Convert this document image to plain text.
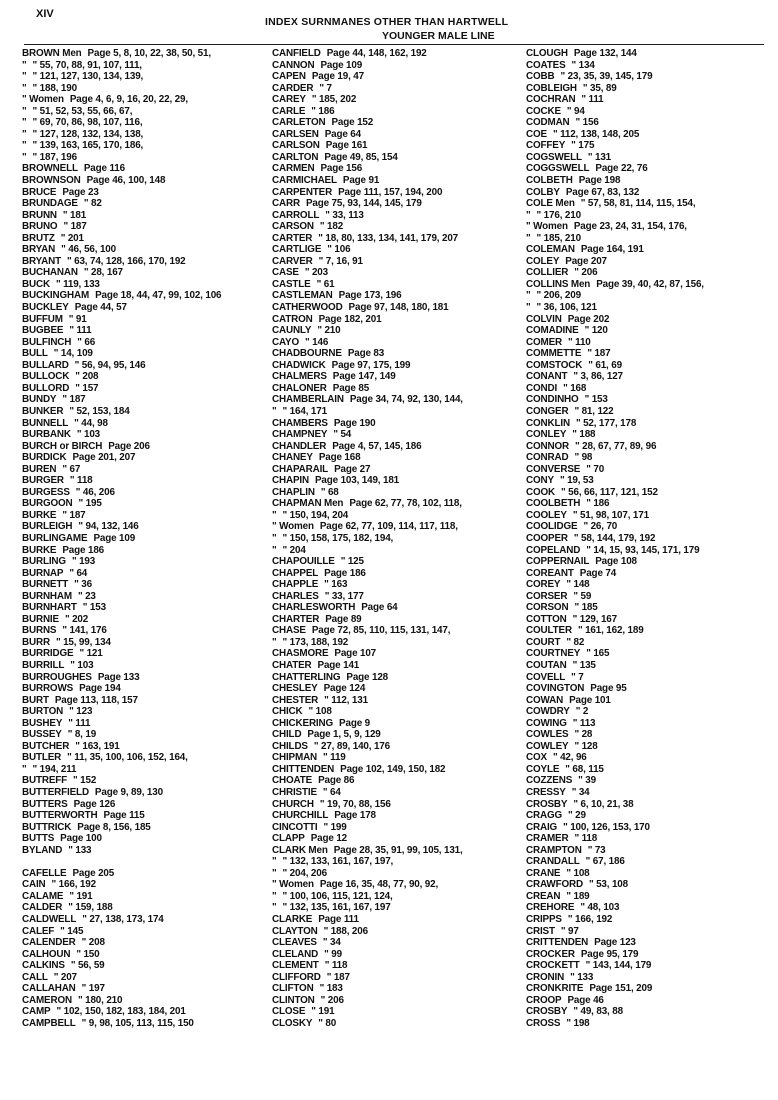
XIV
INDEX SURNMANES OTHER THAN HARTWELL
YOUNGER MALE LINE
BROWN Men Page 5, 8, 10, 22, 38, 50, 51,
" " 55, 70, 88, 91, 107, 111,
" " 121, 127, 130, 134, 139,
" " 188, 190
" Women Page 4, 6, 9, 16, 20, 22, 29,
" " 51, 52, 53, 55, 66, 67,
" " 69, 70, 86, 98, 107, 116,
" " 127, 128, 132, 134, 138,
" " 139, 163, 165, 170, 186,
" " 187, 196
BROWNELL Page 116
BROWNSON Page 46, 100, 148
BRUCE Page 23
BRUNDAGE " 82
BRUNN " 181
BRUNO " 187
BRUTZ " 201
BRYAN " 46, 56, 100
BRYANT " 63, 74, 128, 166, 170, 192
BUCHANAN " 28, 167
BUCK " 119, 133
BUCKINGHAM Page 18, 44, 47, 99, 102, 106
BUCKLEY Page 44, 57
BUFFUM " 91
BUGBEE " 111
BULFINCH " 66
BULL " 14, 109
BULLARD " 56, 94, 95, 146
BULLOCK " 208
BULLORD " 157
BUNDY " 187
BUNKER " 52, 153, 184
BUNNELL " 44, 98
BURBANK " 103
BURCH or BIRCH Page 206
BURDICK Page 201, 207
BUREN " 67
BURGER " 118
BURGESS " 46, 206
BURGOON " 195
BURKE " 187
BURLEIGH " 94, 132, 146
BURLINGAME Page 109
BURKE Page 186
BURLING " 193
BURNAP " 64
BURNETT " 36
BURNHAM " 23
BURNHART " 153
BURNIE " 202
BURNS " 141, 176
BURR " 15, 99, 134
BURRIDGE " 121
BURRILL " 103
BURROUGHES Page 133
BURROWS Page 194
BURT Page 113, 118, 157
BURTON " 123
BUSHEY " 111
BUSSEY " 8, 19
BUTCHER " 163, 191
BUTLER " 11, 35, 100, 106, 152, 164,
" " 194, 211
BUTREFF " 152
BUTTERFIELD Page 9, 89, 130
BUTTERS Page 126
BUTTERWORTH Page 115
BUTTRICK Page 8, 156, 185
BUTTS Page 100
BYLAND " 133
CAFELLE Page 205
CAIN " 166, 192
CALAME " 191
CALDER " 159, 188
CALDWELL " 27, 138, 173, 174
CALEF " 145
CALENDER " 208
CALHOUN " 150
CALKINS " 56, 59
CALL " 207
CALLAHAN " 197
CAMERON " 180, 210
CAMP " 102, 150, 182, 183, 184, 201
CAMPBELL " 9, 98, 105, 113, 115, 150
CANFIELD Page 44, 148, 162, 192
CANNON Page 109
CAPEN Page 19, 47
CARDER " 7
CAREY " 185, 202
CARLE " 186
CARLETON Page 152
CARLSEN Page 64
CARLSON Page 161
CARLTON Page 49, 85, 154
CARMEN Page 156
CARMICHAEL Page 91
CARPENTER Page 111, 157, 194, 200
CARR Page 75, 93, 144, 145, 179
CARROLL " 33, 113
CARSON " 182
CARTER " 18, 80, 133, 134, 141, 179, 207
CARTLIGE " 106
CARVER " 7, 16, 91
CASE " 203
CASTLE " 61
CASTLEMAN Page 173, 196
CATHERWOOD Page 97, 148, 180, 181
CATRON Page 182, 201
CAUNLY " 210
CAYO " 146
CHADBOURNE Page 83
CHADWICK Page 97, 175, 199
CHALMERS Page 147, 149
CHALONER Page 85
CHAMBERLAIN Page 34, 74, 92, 130, 144,
" " 164, 171
CHAMBERS Page 190
CHAMPNEY " 54
CHANDLER Page 4, 57, 145, 186
CHANEY Page 168
CHAPARAIL Page 27
CHAPIN Page 103, 149, 181
CHAPLIN " 68
CHAPMAN Men Page 62, 77, 78, 102, 118,
" " 150, 194, 204
" Women Page 62, 77, 109, 114, 117, 118,
" " 150, 158, 175, 182, 194,
" " 204
CHAPOUILLE " 125
CHAPPEL Page 186
CHAPPLE " 163
CHARLES " 33, 177
CHARLESWORTH Page 64
CHARTER Page 89
CHASE Page 72, 85, 110, 115, 131, 147,
" " 173, 188, 192
CHASMORE Page 107
CHATER Page 141
CHATTERLING Page 128
CHESLEY Page 124
CHESTER " 112, 131
CHICK " 108
CHICKERING Page 9
CHILD Page 1, 5, 9, 129
CHILDS " 27, 89, 140, 176
CHIPMAN " 119
CHITTENDEN Page 102, 149, 150, 182
CHOATE Page 86
CHRISTIE " 64
CHURCH " 19, 70, 88, 156
CHURCHILL Page 178
CINCOTTI " 199
CLAPP Page 12
CLARK Men Page 28, 35, 91, 99, 105, 131,
" " 132, 133, 161, 167, 197,
" " 204, 206
" Women Page 16, 35, 48, 77, 90, 92,
" " 100, 106, 115, 121, 124,
" " 132, 135, 161, 167, 197
CLARKE Page 111
CLAYTON " 188, 206
CLEAVES " 34
CLELAND " 99
CLEMENT " 118
CLIFFORD " 187
CLIFTON " 183
CLINTON " 206
CLOSE " 191
CLOSKY " 80
CLOUGH Page 132, 144
COATES " 134
COBB " 23, 35, 39, 145, 179
COBLEIGH " 35, 89
COCHRAN " 111
COCKE " 94
CODMAN " 156
COE " 112, 138, 148, 205
COFFEY " 175
COGSWELL " 131
COGGSWELL Page 22, 76
COLBETH Page 198
COLBY Page 67, 83, 132
COLE Men " 57, 58, 81, 114, 115, 154,
" " 176, 210
" Women Page 23, 24, 31, 154, 176,
" " 185, 210
COLEMAN Page 164, 191
COLEY Page 207
COLLIER " 206
COLLINS Men Page 39, 40, 42, 87, 156,
" " 206, 209
" " 36, 106, 121
COLVIN Page 202
COMADINE " 120
COMER " 110
COMMETTE " 187
COMSTOCK " 61, 69
CONANT " 3, 86, 127
CONDI " 168
CONDINHO " 153
CONGER " 81, 122
CONKLIN " 52, 177, 178
CONLEY " 188
CONNOR " 28, 67, 77, 89, 96
CONRAD " 98
CONVERSE " 70
CONY " 19, 53
COOK " 56, 66, 117, 121, 152
COOLBETH " 186
COOLEY " 51, 98, 107, 171
COOLIDGE " 26, 70
COOPER " 58, 144, 179, 192
COPELAND " 14, 15, 93, 145, 171, 179
COPPERNAIL Page 108
COREANT Page 74
COREY " 148
CORSER " 59
CORSON " 185
COTTON " 129, 167
COULTER " 161, 162, 189
COURT " 82
COURTNEY " 165
COUTAN " 135
COVELL " 7
COVINGTON Page 95
COWAN Page 101
COWDRY " 2
COWING " 113
COWLES " 28
COWLEY " 128
COX " 42, 96
COYLE " 68, 115
COZZENS " 39
CRESSY " 34
CROSBY " 6, 10, 21, 38
CRAGG " 29
CRAIG " 100, 126, 153, 170
CRAMER " 118
CRAMPTON " 73
CRANDALL " 67, 186
CRANE " 108
CRAWFORD " 53, 108
CREAN " 189
CREHORE " 48, 103
CRIPPS " 166, 192
CRIST " 97
CRITTENDEN Page 123
CROCKER Page 95, 179
CROCKETT " 143, 144, 179
CRONIN " 133
CRONKRITE Page 151, 209
CROOP Page 46
CROSBY " 49, 83, 88
CROSS " 198
